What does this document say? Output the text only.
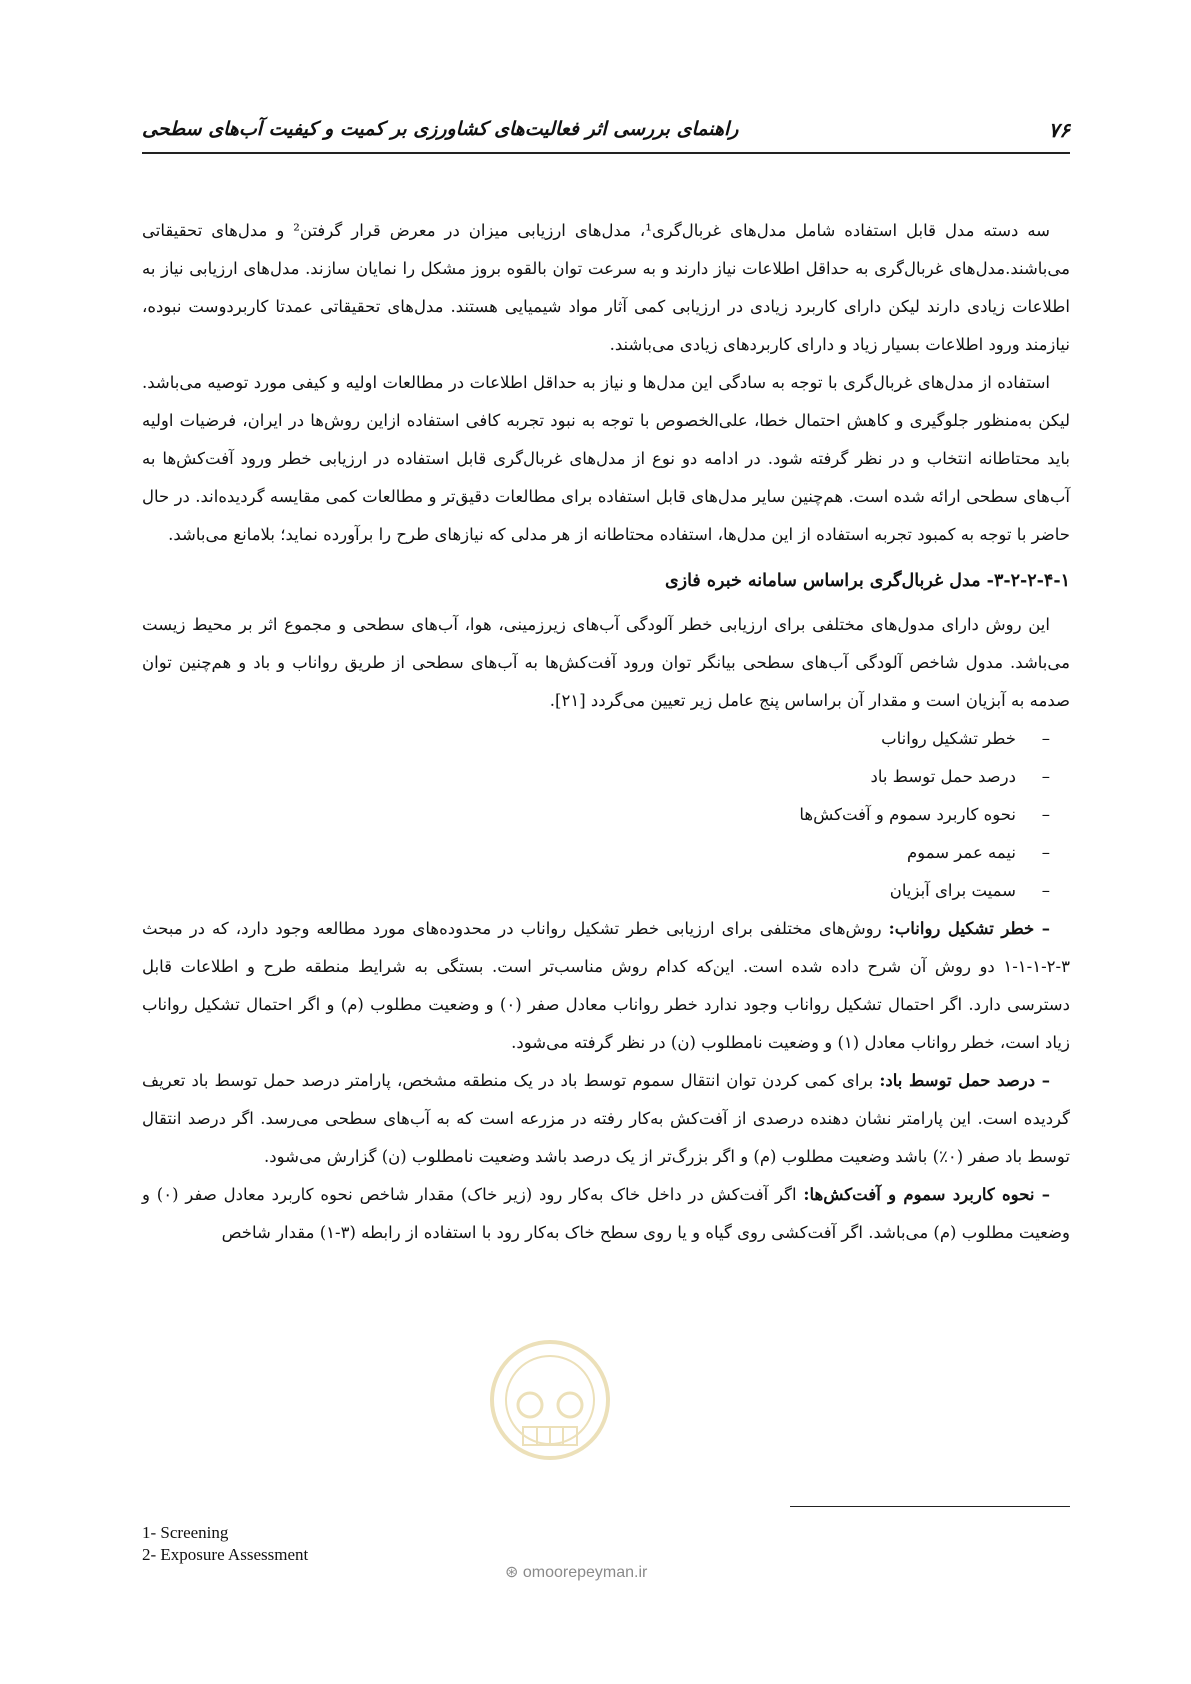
۷۶
راهنمای بررسی اثر فعالیت‌های کشاورزی بر کمیت و کیفیت آب‌های سطحی

سه دسته مدل قابل استفاده شامل مدل‌های غربال‌گری¹، مدل‌های ارزیابی میزان در معرض قرار گرفتن² و مدل‌های تحقیقاتی می‌باشند.مدل‌های غربال‌گری به حداقل اطلاعات نیاز دارند و به سرعت توان بالقوه بروز مشکل را نمایان سازند. مدل‌های ارزیابی نیاز به اطلاعات زیادی دارند لیکن دارای کاربرد زیادی در ارزیابی کمی آثار مواد شیمیایی هستند. مدل‌های تحقیقاتی عمدتا کاربردوست نبوده، نیازمند ورود اطلاعات بسیار زیاد و دارای کاربردهای زیادی می‌باشند.

استفاده از مدل‌های غربال‌گری با توجه به سادگی این مدل‌ها و نیاز به حداقل اطلاعات در مطالعات اولیه و کیفی مورد توصیه می‌باشد. لیکن به‌منظور جلوگیری و کاهش احتمال خطا، علی‌الخصوص با توجه به نبود تجربه کافی استفاده ازاین روش‌ها در ایران، فرضیات اولیه باید محتاطانه انتخاب و در نظر گرفته شود. در ادامه دو نوع از مدل‌های غربال‌گری قابل استفاده در ارزیابی خطر ورود آفت‌کش‌ها به آب‌های سطحی ارائه شده است. هم‌چنین سایر مدل‌های قابل استفاده برای مطالعات دقیق‌تر و مطالعات کمی مقایسه گردیده‌اند. در حال حاضر با توجه به کمبود تجربه استفاده از این مدل‌ها، استفاده محتاطانه از هر مدلی که نیازهای طرح را برآورده نماید؛ بلامانع می‌باشد.

۳-۲-۲-۴-۱- مدل غربال‌گری براساس سامانه خبره فازی

این روش دارای مدول‌های مختلفی برای ارزیابی خطر آلودگی آب‌های زیرزمینی، هوا، آب‌های سطحی و مجموع اثر بر محیط زیست می‌باشد. مدول شاخص آلودگی آب‌های سطحی بیانگر توان ورود آفت‌کش‌ها به آب‌های سطحی از طریق رواناب و باد و هم‌چنین توان صدمه به آبزیان است و مقدار آن براساس پنج عامل زیر تعیین می‌گردد [۲۱].

–خطر تشکیل رواناب
–درصد حمل توسط باد
–نحوه کاربرد سموم و آفت‌کش‌ها
–نیمه عمر سموم
–سمیت برای آبزیان

– خطر تشکیل رواناب: روش‌های مختلفی برای ارزیابی خطر تشکیل رواناب در محدوده‌های مورد مطالعه وجود دارد، که در مبحث ۳-۲-۱-۱-۱ دو روش آن شرح داده شده است. این‌که کدام روش مناسب‌تر است. بستگی به شرایط منطقه طرح و اطلاعات قابل دسترسی دارد. اگر احتمال تشکیل رواناب وجود ندارد خطر رواناب معادل صفر (۰) و وضعیت مطلوب (م) و اگر احتمال تشکیل رواناب زیاد است، خطر رواناب معادل (۱) و وضعیت نامطلوب (ن) در نظر گرفته می‌شود.

– درصد حمل توسط باد: برای کمی کردن توان انتقال سموم توسط باد در یک منطقه مشخص، پارامتر درصد حمل توسط باد تعریف گردیده است. این پارامتر نشان دهنده درصدی از آفت‌کش به‌کار رفته در مزرعه است که به آب‌های سطحی می‌رسد. اگر درصد انتقال توسط باد صفر (۰٪) باشد وضعیت مطلوب (م) و اگر بزرگ‌تر از یک درصد باشد وضعیت نامطلوب (ن) گزارش می‌شود.

– نحوه کاربرد سموم و آفت‌کش‌ها: اگر آفت‌کش در داخل خاک به‌کار رود (زیر خاک) مقدار شاخص نحوه کاربرد معادل صفر (۰) و وضعیت مطلوب (م) می‌باشد. اگر آفت‌کشی روی گیاه و یا روی سطح خاک به‌کار رود با استفاده از رابطه (۳-۱) مقدار شاخص

⊛ omoorepeyman.ir
1- Screening
2- Exposure Assessment
